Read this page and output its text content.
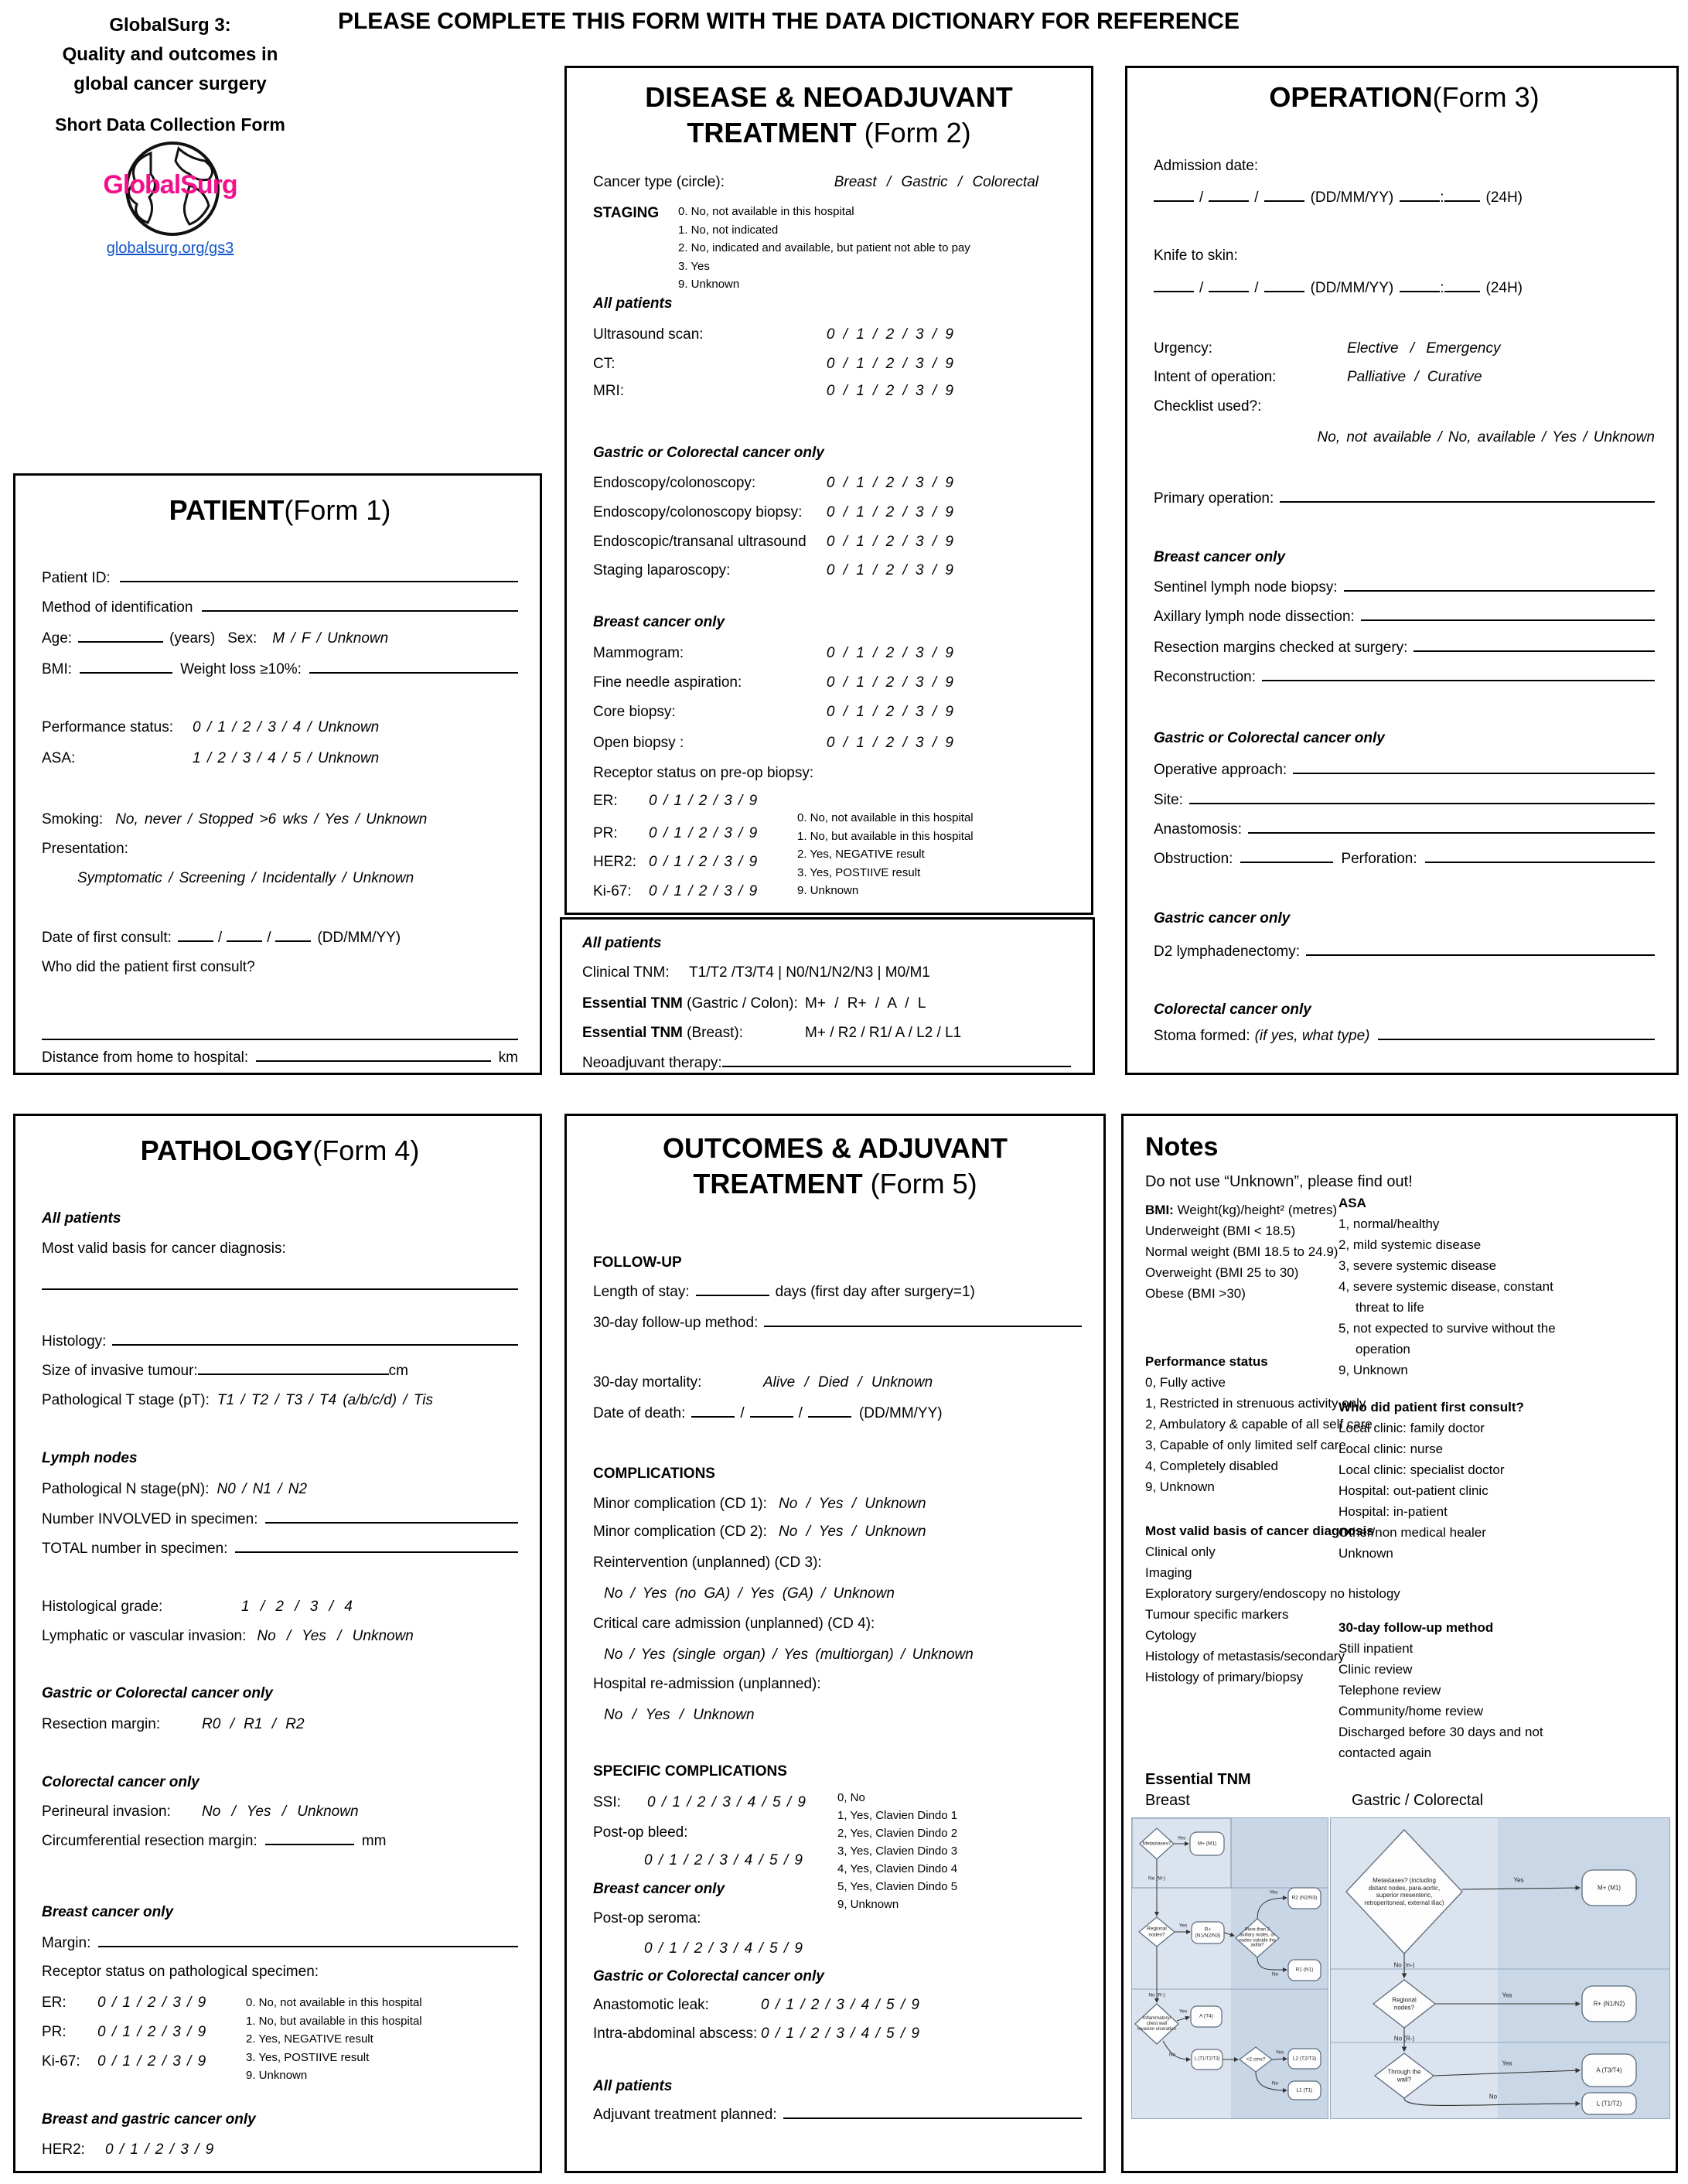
PLEASE COMPLETE THIS FORM WITH THE DATA DICTIONARY FOR REFERENCE
GlobalSurg 3:
Quality and outcomes in
global cancer surgery
Short Data Collection Form
GlobalSurg
globalsurg.org/gs3
PATIENT (Form 1)
Patient ID:
Method of identification
Age:	(years) Sex: M / F / Unknown
BMI:	Weight loss ≥10%:
Performance status:	0 / 1 / 2 / 3 / 4 / Unknown
ASA:	1 / 2 / 3 / 4 / 5 / Unknown
Smoking: No, never / Stopped >6 wks / Yes / Unknown
Presentation:
Symptomatic / Screening / Incidentally / Unknown
Date of first consult:	/	/	(DD/MM/YY)
Who did the patient first consult?
Distance from home to hospital:	km
DISEASE & NEOADJUVANT
TREATMENT (Form 2)
Cancer type (circle):	Breast / Gastric / Colorectal
STAGING	0. No, not available in this hospital
1. No, not indicated
2. No, indicated and available, but patient not able to pay
3. Yes
9. Unknown
All patients
Ultrasound scan:	0 / 1 / 2 / 3 / 9
CT:	0 / 1 / 2 / 3 / 9
MRI:	0 / 1 / 2 / 3 / 9
Gastric or Colorectal cancer only
Endoscopy/colonoscopy:	0 / 1 / 2 / 3 / 9
Endoscopy/colonoscopy biopsy: 0 / 1 / 2 / 3 / 9
Endoscopic/transanal ultrasound 0 / 1 / 2 / 3 / 9
Staging laparoscopy:	0 / 1 / 2 / 3 / 9
Breast cancer only
Mammogram:	0 / 1 / 2 / 3 / 9
Fine needle aspiration:	0 / 1 / 2 / 3 / 9
Core biopsy:	0 / 1 / 2 / 3 / 9
Open biopsy :	0 / 1 / 2 / 3 / 9
Receptor status on pre-op biopsy:
ER:	0 / 1 / 2 / 3 / 9
PR:	0 / 1 / 2 / 3 / 9
HER2: 0 / 1 / 2 / 3 / 9
Ki-67:	0 / 1 / 2 / 3 / 9
0. No, not available in this hospital
1. No, but available in this hospital
2. Yes, NEGATIVE result
3. Yes, POSTIIVE result
9. Unknown
All patients
Clinical TNM:	T1/T2 /T3/T4 | N0/N1/N2/N3 | M0/M1
Essential TNM (Gastric / Colon): M+ / R+ / A / L
Essential TNM (Breast):	M+ / R2 / R1/ A / L2 / L1
Neoadjuvant therapy:
OPERATION (Form 3)
Admission date:
/	/	(DD/MM/YY)	:	(24H)
Knife to skin:
/	/	(DD/MM/YY)	:	(24H)
Urgency:	Elective / Emergency
Intent of operation:	Palliative / Curative
Checklist used?:
No, not available / No, available / Yes / Unknown
Primary operation:
Breast cancer only
Sentinel lymph node biopsy:
Axillary lymph node dissection:
Resection margins checked at surgery:
Reconstruction:
Gastric or Colorectal cancer only
Operative approach:
Site:
Anastomosis:
Obstruction:	Perforation:
Gastric cancer only
D2 lymphadenectomy:
Colorectal cancer only
Stoma formed: (if yes, what type)
PATHOLOGY (Form 4)
All patients
Most valid basis for cancer diagnosis:
Histology:
Size of invasive tumour:	cm
Pathological T stage (pT): T1 / T2 / T3 / T4 (a/b/c/d) / Tis
Lymph nodes
Pathological N stage(pN): N0 / N1 / N2
Number INVOLVED in specimen:
TOTAL number in specimen:
Histological grade:	1 / 2 / 3 / 4
Lymphatic or vascular invasion: No / Yes / Unknown
Gastric or Colorectal cancer only
Resection margin:	R0 / R1 / R2
Colorectal cancer only
Perineural invasion:	No / Yes / Unknown
Circumferential resection margin:	mm
Breast cancer only
Margin:
Receptor status on pathological specimen:
ER:	0 / 1 / 2 / 3 / 9
PR:	0 / 1 / 2 / 3 / 9
Ki-67:	0 / 1 / 2 / 3 / 9
0. No, not available in this hospital
1. No, but available in this hospital
2. Yes, NEGATIVE result
3. Yes, POSTIIVE result
9. Unknown
Breast and gastric cancer only
HER2:	0 / 1 / 2 / 3 / 9
OUTCOMES & ADJUVANT
TREATMENT (Form 5)
FOLLOW-UP
Length of stay:	days (first day after surgery=1)
30-day follow-up method:
30-day mortality:	Alive / Died / Unknown
Date of death:	/	/	(DD/MM/YY)
COMPLICATIONS
Minor complication (CD 1): No / Yes / Unknown
Minor complication (CD 2): No / Yes / Unknown
Reintervention (unplanned) (CD 3):
No / Yes (no GA) / Yes (GA) / Unknown
Critical care admission (unplanned) (CD 4):
No / Yes (single organ) / Yes (multiorgan) / Unknown
Hospital re-admission (unplanned):
No / Yes / Unknown
SPECIFIC COMPLICATIONS
SSI:	0 / 1 / 2 / 3 / 4 / 5 / 9
Post-op bleed:
0 / 1 / 2 / 3 / 4 / 5 / 9
0, No
1, Yes, Clavien Dindo 1
2, Yes, Clavien Dindo 2
3, Yes, Clavien Dindo 3
4, Yes, Clavien Dindo 4
5, Yes, Clavien Dindo 5
9, Unknown
Breast cancer only
Post-op seroma:
0 / 1 / 2 / 3 / 4 / 5 / 9
Gastric or Colorectal cancer only
Anastomotic leak:	0 / 1 / 2 / 3 / 4 / 5 / 9
Intra-abdominal abscess: 0 / 1 / 2 / 3 / 4 / 5 / 9
All patients
Adjuvant treatment planned:
Notes
Do not use “Unknown”, please find out!
BMI: Weight(kg)/height² (metres)
Underweight (BMI < 18.5)
Normal weight (BMI 18.5 to 24.9)
Overweight (BMI 25 to 30)
Obese (BMI >30)
ASA
1, normal/healthy
2, mild systemic disease
3, severe systemic disease
4, severe systemic disease, constant threat to life
5, not expected to survive without the operation
9, Unknown
Performance status
0, Fully active
1, Restricted in strenuous activity only
2, Ambulatory & capable of all self care
3, Capable of only limited self care
4, Completely disabled
9, Unknown
Who did patient first consult?
Local clinic: family doctor
Local clinic: nurse
Local clinic: specialist doctor
Hospital: out-patient clinic
Hospital: in-patient
Other/non medical healer
Unknown
Most valid basis of cancer diagnosis
Clinical only
Imaging
Exploratory surgery/endoscopy no histology
Tumour specific markers
Cytology
Histology of metastasis/secondary
Histology of primary/biopsy
30-day follow-up method
Still inpatient
Clinic review
Telephone review
Community/home review
Discharged before 30 days and not contacted again
Essential TNM
Breast	Gastric / Colorectal
Metastases?
Yes
M+ (M1)
No (M-)
Regional nodes?
Yes
R+ (N1/N2/N3)
More than 3 axillary nodes, or nodes outside the axilla?
Yes
R2 (N2/N3)
No
R1 (N1)
No (R-)
Inflammatory/ chest wall invasion ulceration
Yes
A (T4)
No
L (T1/T2/T3)	<2 cms?
Yes
L2 (T2/T3)
No
L1 (T1)
Metastases? (including distant nodes, para-aortic, superior mesenteric, retroperitoneal, external iliac)
Yes
M+ (M1)
No (m-)
Regional nodes?
Yes
R+ (N1/N2)
No (R-)
Through the wall?
Yes
A (T3/T4)
No
L (T1/T2)
